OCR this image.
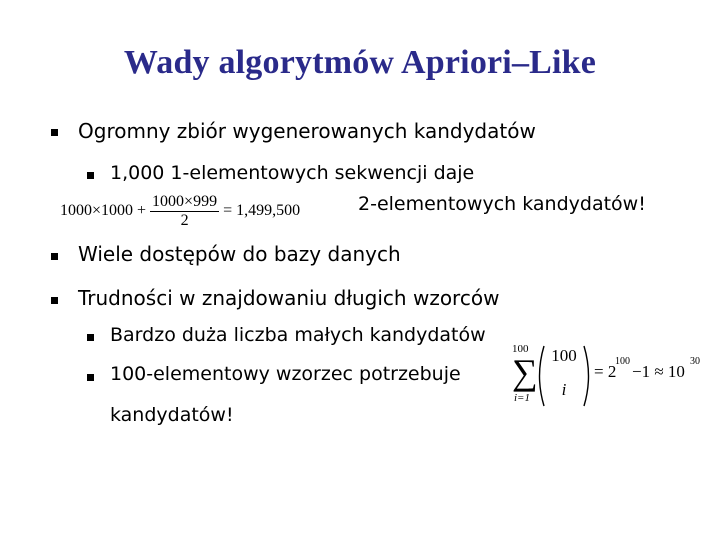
Wady algorytmów Apriori–Like
Ogromny zbiór wygenerowanych kandydatów
1,000 1-elementowych sekwencji daje
$1000\times 1000 + \frac{1000\times 999}{2} = 1,499,500$	2-elementowych kandydatów!
Wiele dostępów do bazy danych
Trudności w znajdowaniu długich wzorców
Bardzo duża liczba małych kandydatów
100-elementowy wzorzec potrzebuje
kandydatów!
100
∑
i=1
100
i
= 2
100
−1 ≈ 10
30
